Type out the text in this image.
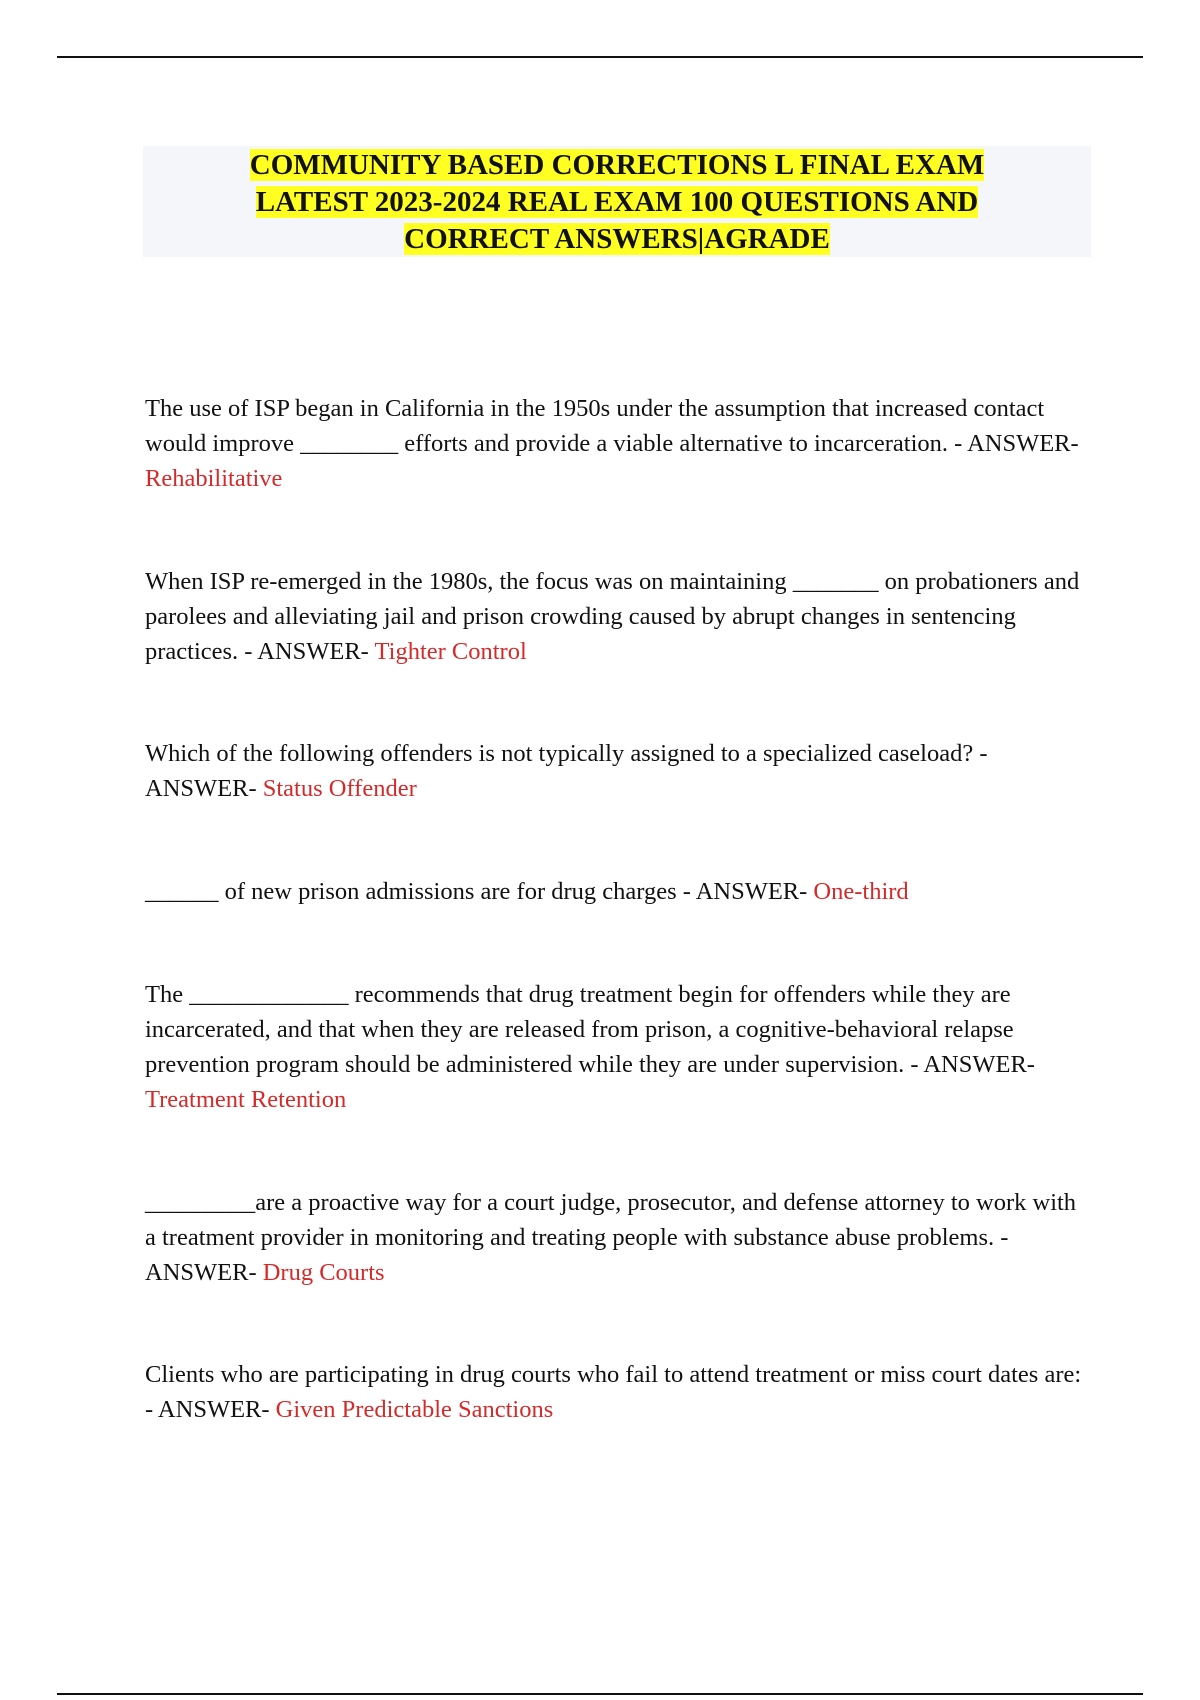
COMMUNITY BASED CORRECTIONS L FINAL EXAM
LATEST 2023-2024 REAL EXAM 100 QUESTIONS AND
CORRECT ANSWERS|AGRADE

The use of ISP began in California in the 1950s under the assumption that increased contact would improve ________ efforts and provide a viable alternative to incarceration. - ANSWER- Rehabilitative

When ISP re-emerged in the 1980s, the focus was on maintaining _______ on probationers and parolees and alleviating jail and prison crowding caused by abrupt changes in sentencing practices. - ANSWER- Tighter Control

Which of the following offenders is not typically assigned to a specialized caseload? - ANSWER- Status Offender

______ of new prison admissions are for drug charges - ANSWER- One-third

The _____________ recommends that drug treatment begin for offenders while they are incarcerated, and that when they are released from prison, a cognitive-behavioral relapse prevention program should be administered while they are under supervision. - ANSWER- Treatment Retention

_________are a proactive way for a court judge, prosecutor, and defense attorney to work with a treatment provider in monitoring and treating people with substance abuse problems. - ANSWER- Drug Courts

Clients who are participating in drug courts who fail to attend treatment or miss court dates are: - ANSWER- Given Predictable Sanctions
